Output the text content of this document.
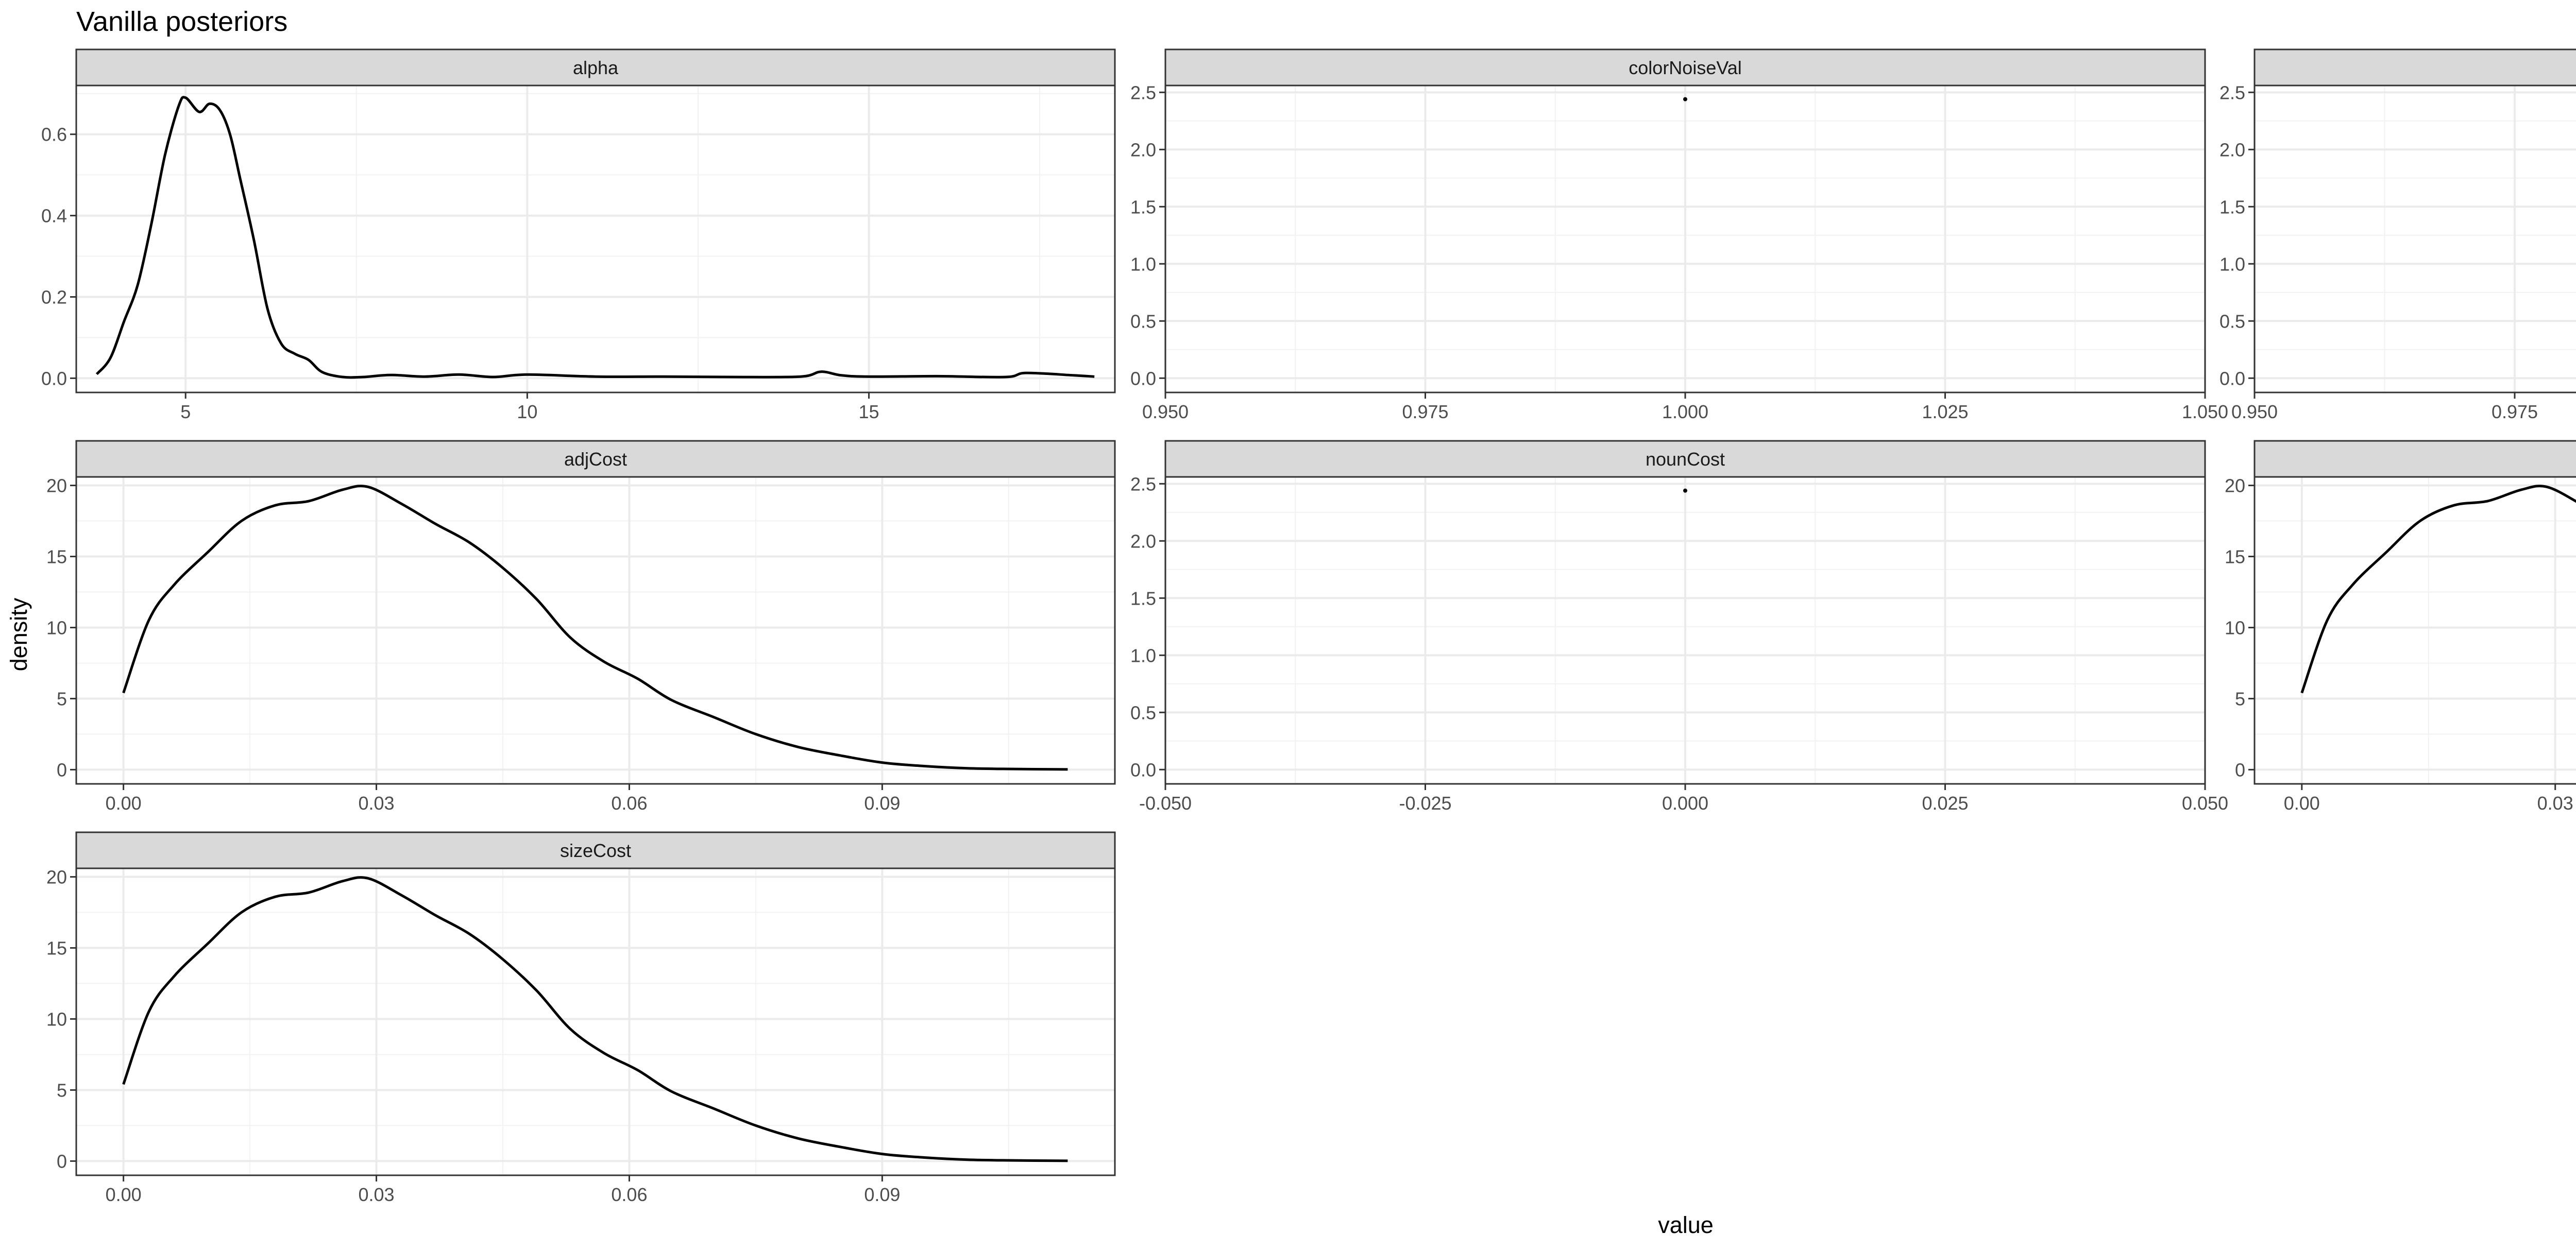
Vanilla posteriors
density
value
alpha
5	10	15
0.0
0.2
0.4
0.6
colorNoiseVal
0.950	0.975	1.000	1.025	1.050
0.0
0.5
1.0
1.5
2.0
2.5
0.950	0.975
0.0
0.5
1.0
1.5
2.0
2.5
adjCost
0.00	0.03	0.06	0.09
0
5
10
15
20
nounCost
-0.050	-0.025	0.000	0.025	0.050
0.0
0.5
1.0
1.5
2.0
2.5
0.00	0.03
0
5
10
15
20
sizeCost
0.00	0.03	0.06	0.09
0
5
10
15
20
